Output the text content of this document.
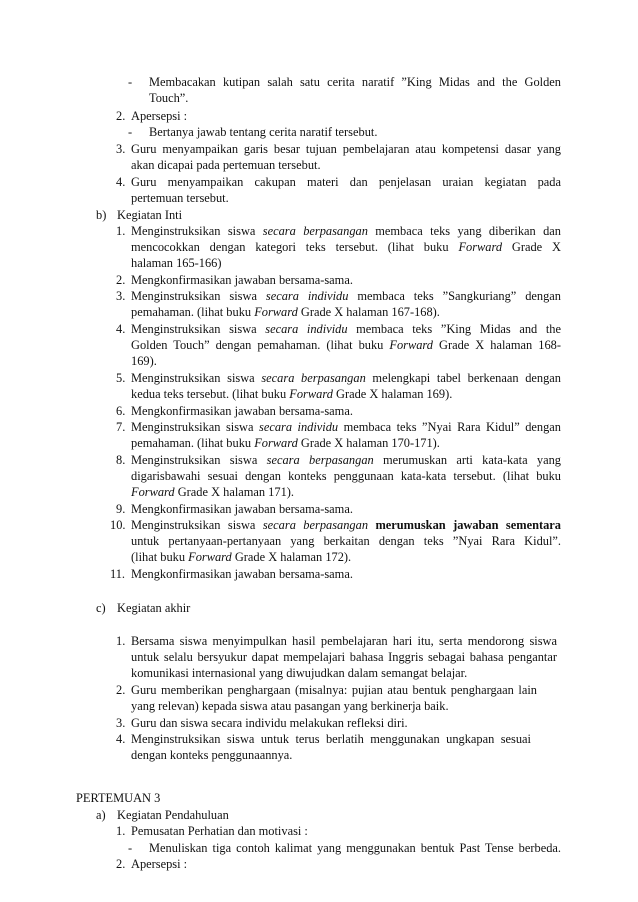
- Membacakan kutipan salah satu cerita naratif ”King Midas and the Golden
Touch”.
2. Apersepsi :
- Bertanya jawab tentang cerita naratif tersebut.
3. Guru menyampaikan garis besar tujuan pembelajaran atau kompetensi dasar yang
akan dicapai pada pertemuan tersebut.
4. Guru menyampaikan cakupan materi dan penjelasan uraian kegiatan pada
pertemuan tersebut.
b) Kegiatan Inti
1. Menginstruksikan siswa secara berpasangan membaca teks yang diberikan dan
mencocokkan dengan kategori teks tersebut. (lihat buku Forward Grade X
halaman 165-166)
2. Mengkonfirmasikan jawaban bersama-sama.
3. Menginstruksikan siswa secara individu membaca teks ”Sangkuriang” dengan
pemahaman. (lihat buku Forward Grade X halaman 167-168).
4. Menginstruksikan siswa secara individu membaca teks ”King Midas and the
Golden Touch” dengan pemahaman. (lihat buku Forward Grade X halaman 168-
169).
5. Menginstruksikan siswa secara berpasangan melengkapi tabel berkenaan dengan
kedua teks tersebut. (lihat buku Forward Grade X halaman 169).
6. Mengkonfirmasikan jawaban bersama-sama.
7. Menginstruksikan siswa secara individu membaca teks ”Nyai Rara Kidul” dengan
pemahaman. (lihat buku Forward Grade X halaman 170-171).
8. Menginstruksikan siswa secara berpasangan merumuskan arti kata-kata yang
digarisbawahi sesuai dengan konteks penggunaan kata-kata tersebut. (lihat buku
Forward Grade X halaman 171).
9. Mengkonfirmasikan jawaban bersama-sama.
10. Menginstruksikan siswa secara berpasangan merumuskan jawaban sementara
untuk pertanyaan-pertanyaan yang berkaitan dengan teks ”Nyai Rara Kidul”.
(lihat buku Forward Grade X halaman 172).
11. Mengkonfirmasikan jawaban bersama-sama.
c) Kegiatan akhir
1. Bersama siswa menyimpulkan hasil pembelajaran hari itu, serta mendorong siswa
untuk selalu bersyukur dapat mempelajari bahasa Inggris sebagai bahasa pengantar
komunikasi internasional yang diwujudkan dalam semangat belajar.
2. Guru memberikan penghargaan (misalnya: pujian atau bentuk penghargaan lain
yang relevan) kepada siswa atau pasangan yang berkinerja baik.
3. Guru dan siswa secara individu melakukan refleksi diri.
4. Menginstruksikan siswa untuk terus berlatih menggunakan ungkapan sesuai
dengan konteks penggunaannya.
PERTEMUAN 3
a) Kegiatan Pendahuluan
1. Pemusatan Perhatian dan motivasi :
- Menuliskan tiga contoh kalimat yang menggunakan bentuk Past Tense berbeda.
2. Apersepsi :
